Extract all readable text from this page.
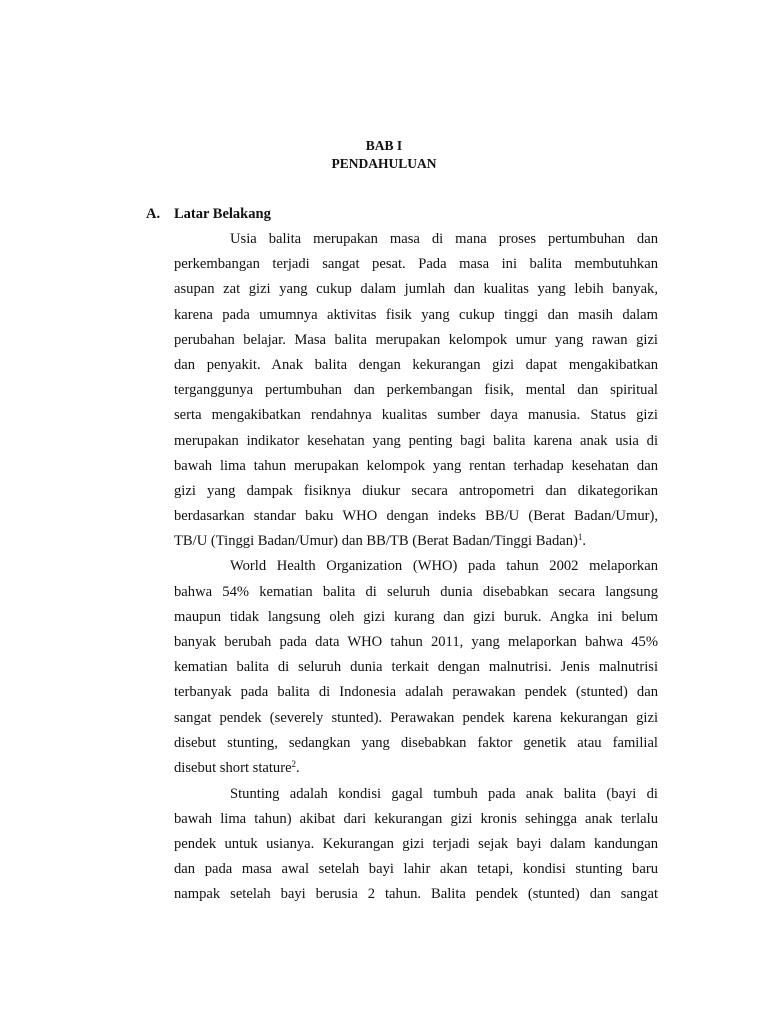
BAB I
PENDAHULUAN
A. Latar Belakang
Usia balita merupakan masa di mana proses pertumbuhan dan
perkembangan terjadi sangat pesat. Pada masa ini balita membutuhkan
asupan zat gizi yang cukup dalam jumlah dan kualitas yang lebih banyak,
karena pada umumnya aktivitas fisik yang cukup tinggi dan masih dalam
perubahan belajar. Masa balita merupakan kelompok umur yang rawan gizi
dan penyakit. Anak balita dengan kekurangan gizi dapat mengakibatkan
terganggunya pertumbuhan dan perkembangan fisik, mental dan spiritual
serta mengakibatkan rendahnya kualitas sumber daya manusia. Status gizi
merupakan indikator kesehatan yang penting bagi balita karena anak usia di
bawah lima tahun merupakan kelompok yang rentan terhadap kesehatan dan
gizi yang dampak fisiknya diukur secara antropometri dan dikategorikan
berdasarkan standar baku WHO dengan indeks BB/U (Berat Badan/Umur),
TB/U (Tinggi Badan/Umur) dan BB/TB (Berat Badan/Tinggi Badan)$^1$.
World Health Organization (WHO) pada tahun 2002 melaporkan
bahwa 54% kematian balita di seluruh dunia disebabkan secara langsung
maupun tidak langsung oleh gizi kurang dan gizi buruk. Angka ini belum
banyak berubah pada data WHO tahun 2011, yang melaporkan bahwa 45%
kematian balita di seluruh dunia terkait dengan malnutrisi. Jenis malnutrisi
terbanyak pada balita di Indonesia adalah perawakan pendek (stunted) dan
sangat pendek (severely stunted). Perawakan pendek karena kekurangan gizi
disebut stunting, sedangkan yang disebabkan faktor genetik atau familial
disebut short stature$^2$.
Stunting adalah kondisi gagal tumbuh pada anak balita (bayi di
bawah lima tahun) akibat dari kekurangan gizi kronis sehingga anak terlalu
pendek untuk usianya. Kekurangan gizi terjadi sejak bayi dalam kandungan
dan pada masa awal setelah bayi lahir akan tetapi, kondisi stunting baru
nampak setelah bayi berusia 2 tahun. Balita pendek (stunted) dan sangat
